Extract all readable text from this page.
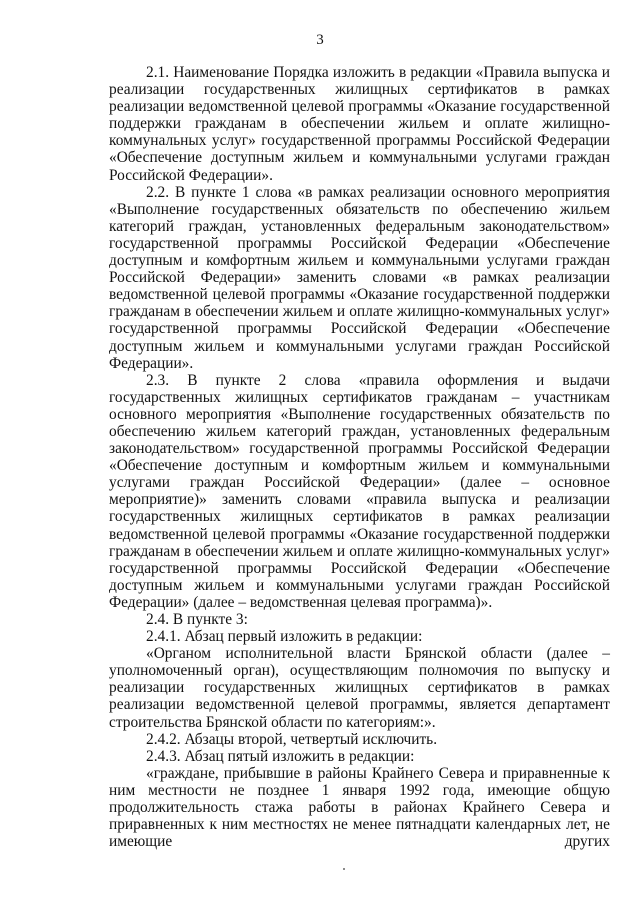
3

2.1. Наименование Порядка изложить в редакции «Правила выпуска и реализации государственных жилищных сертификатов в рамках реализации ведомственной целевой программы «Оказание государственной поддержки гражданам в обеспечении жильем и оплате жилищно-коммунальных услуг» государственной программы Российской Федерации «Обеспечение доступным жильем и коммунальными услугами граждан Российской Федерации».

2.2. В пункте 1 слова «в рамках реализации основного мероприятия «Выполнение государственных обязательств по обеспечению жильем категорий граждан, установленных федеральным законодательством» государственной программы Российской Федерации «Обеспечение доступным и комфортным жильем и коммунальными услугами граждан Российской Федерации» заменить словами «в рамках реализации ведомственной целевой программы «Оказание государственной поддержки гражданам в обеспечении жильем и оплате жилищно-коммунальных услуг» государственной программы Российской Федерации «Обеспечение доступным жильем и коммунальными услугами граждан Российской Федерации».

2.3. В пункте 2 слова «правила оформления и выдачи государственных жилищных сертификатов гражданам – участникам основного мероприятия «Выполнение государственных обязательств по обеспечению жильем категорий граждан, установленных федеральным законодательством» государственной программы Российской Федерации «Обеспечение доступным и комфортным жильем и коммунальными услугами граждан Российской Федерации» (далее – основное мероприятие)» заменить словами «правила выпуска и реализации государственных жилищных сертификатов в рамках реализации ведомственной целевой программы «Оказание государственной поддержки гражданам в обеспечении жильем и оплате жилищно-коммунальных услуг» государственной программы Российской Федерации «Обеспечение доступным жильем и коммунальными услугами граждан Российской Федерации» (далее – ведомственная целевая программа)».

2.4. В пункте 3:

2.4.1. Абзац первый изложить в редакции:

«Органом исполнительной власти Брянской области (далее – уполномоченный орган), осуществляющим полномочия по выпуску и реализации государственных жилищных сертификатов в рамках реализации ведомственной целевой программы, является департамент строительства Брянской области по категориям:».

2.4.2. Абзацы второй, четвертый исключить.

2.4.3. Абзац пятый изложить в редакции:

«граждане, прибывшие в районы Крайнего Севера и приравненные к ним местности не позднее 1 января 1992 года, имеющие общую продолжительность стажа работы в районах Крайнего Севера и приравненных к ним местностях не менее пятнадцати календарных лет, не имеющие других
